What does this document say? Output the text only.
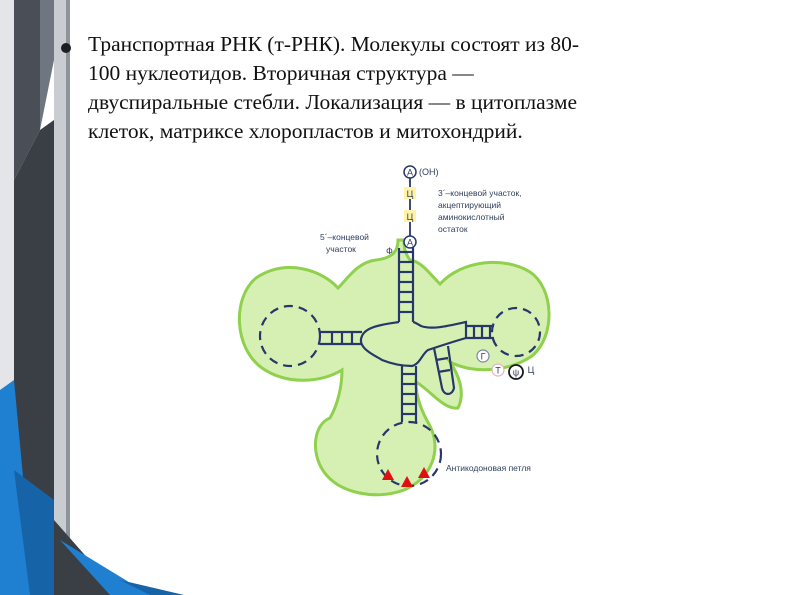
Транспортная РНК (т-РНК). Молекулы состоят из 80-
100 нуклеотидов. Вторичная структура —
двуспиральные стебли. Локализация — в цитоплазме
клеток, матриксе хлоропластов и митохондрий.
А (ОН)
Ц
Ц
А
Ф
Г
Т ψ Ц
3´–концевой участок,
акцептирующий
аминокислотный
остаток
5´–концевой
участок
Антикодоновая петля
